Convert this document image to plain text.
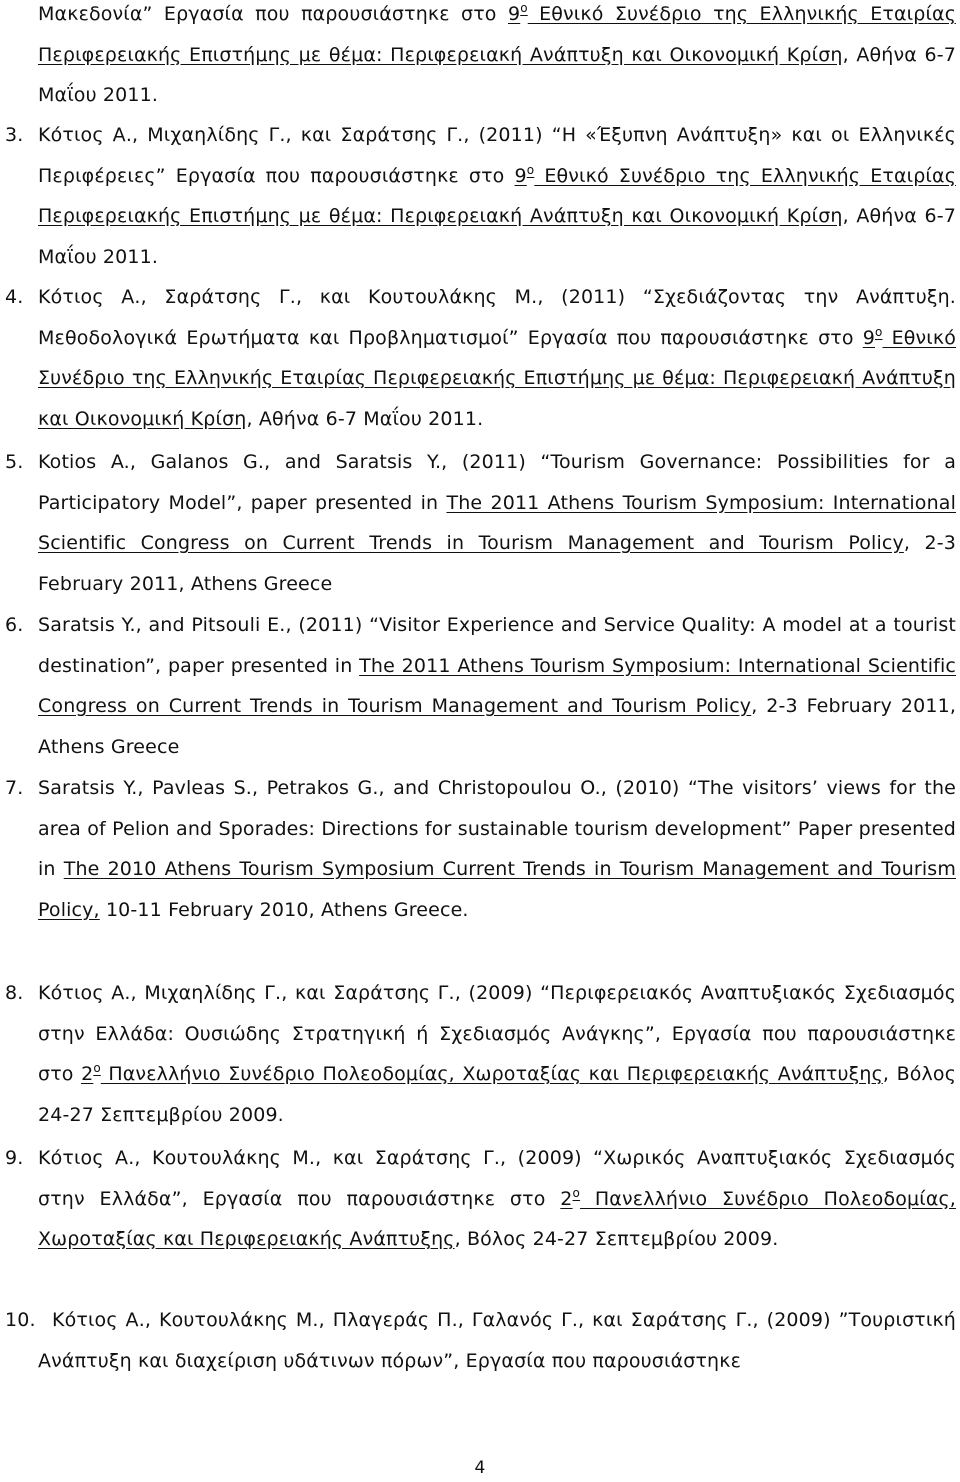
Μακεδονία” Εργασία που παρουσιάστηκε στο $9^o$ Εθνικό Συνέδριο της Ελληνικής Εταιρίας Περιφερειακής Επιστήμης με θέμα: Περιφερειακή Ανάπτυξη και Οικονομική Κρίση, Αθήνα 6-7 Μαΐου 2011.
3. Κότιος Α., Μιχαηλίδης Γ., και Σαράτσης Γ., (2011) “Η «Έξυπνη Ανάπτυξη» και οι Ελληνικές Περιφέρειες” Εργασία που παρουσιάστηκε στο $9^o$ Εθνικό Συνέδριο της Ελληνικής Εταιρίας Περιφερειακής Επιστήμης με θέμα: Περιφερειακή Ανάπτυξη και Οικονομική Κρίση, Αθήνα 6-7 Μαΐου 2011.
4. Κότιος Α., Σαράτσης Γ., και Κουτουλάκης Μ., (2011) “Σχεδιάζοντας την Ανάπτυξη. Μεθοδολογικά Ερωτήματα και Προβληματισμοί” Εργασία που παρουσιάστηκε στο $9^o$ Εθνικό Συνέδριο της Ελληνικής Εταιρίας Περιφερειακής Επιστήμης με θέμα: Περιφερειακή Ανάπτυξη και Οικονομική Κρίση, Αθήνα 6-7 Μαΐου 2011.
5. Kotios A., Galanos G., and Saratsis Y., (2011) “Tourism Governance: Possibilities for a Participatory Model”, paper presented in The 2011 Athens Tourism Symposium: International Scientific Congress on Current Trends in Tourism Management and Tourism Policy, 2-3 February 2011, Athens Greece
6. Saratsis Y., and Pitsouli E., (2011) “Visitor Experience and Service Quality: A model at a tourist destination”, paper presented in The 2011 Athens Tourism Symposium: International Scientific Congress on Current Trends in Tourism Management and Tourism Policy, 2-3 February 2011, Athens Greece
7. Saratsis Y., Pavleas S., Petrakos G., and Christopoulou O., (2010) “The visitors’ views for the area of Pelion and Sporades: Directions for sustainable tourism development” Paper presented in The 2010 Athens Tourism Symposium Current Trends in Tourism Management and Tourism Policy, 10-11 February 2010, Athens Greece.
8. Κότιος Α., Μιχαηλίδης Γ., και Σαράτσης Γ., (2009) “Περιφερειακός Αναπτυξιακός Σχεδιασμός στην Ελλάδα: Ουσιώδης Στρατηγική ή Σχεδιασμός Ανάγκης”, Εργασία που παρουσιάστηκε στο $2^o$ Πανελλήνιο Συνέδριο Πολεοδομίας, Χωροταξίας και Περιφερειακής Ανάπτυξης, Βόλος 24-27 Σεπτεμβρίου 2009.
9. Κότιος Α., Κουτουλάκης Μ., και Σαράτσης Γ., (2009) “Χωρικός Αναπτυξιακός Σχεδιασμός στην Ελλάδα”, Εργασία που παρουσιάστηκε στο $2^o$ Πανελλήνιο Συνέδριο Πολεοδομίας, Χωροταξίας και Περιφερειακής Ανάπτυξης, Βόλος 24-27 Σεπτεμβρίου 2009.
10. Κότιος Α., Κουτουλάκης Μ., Πλαγεράς Π., Γαλανός Γ., και Σαράτσης Γ., (2009) ”Τουριστική Ανάπτυξη και διαχείριση υδάτινων πόρων”, Εργασία που παρουσιάστηκε
4
